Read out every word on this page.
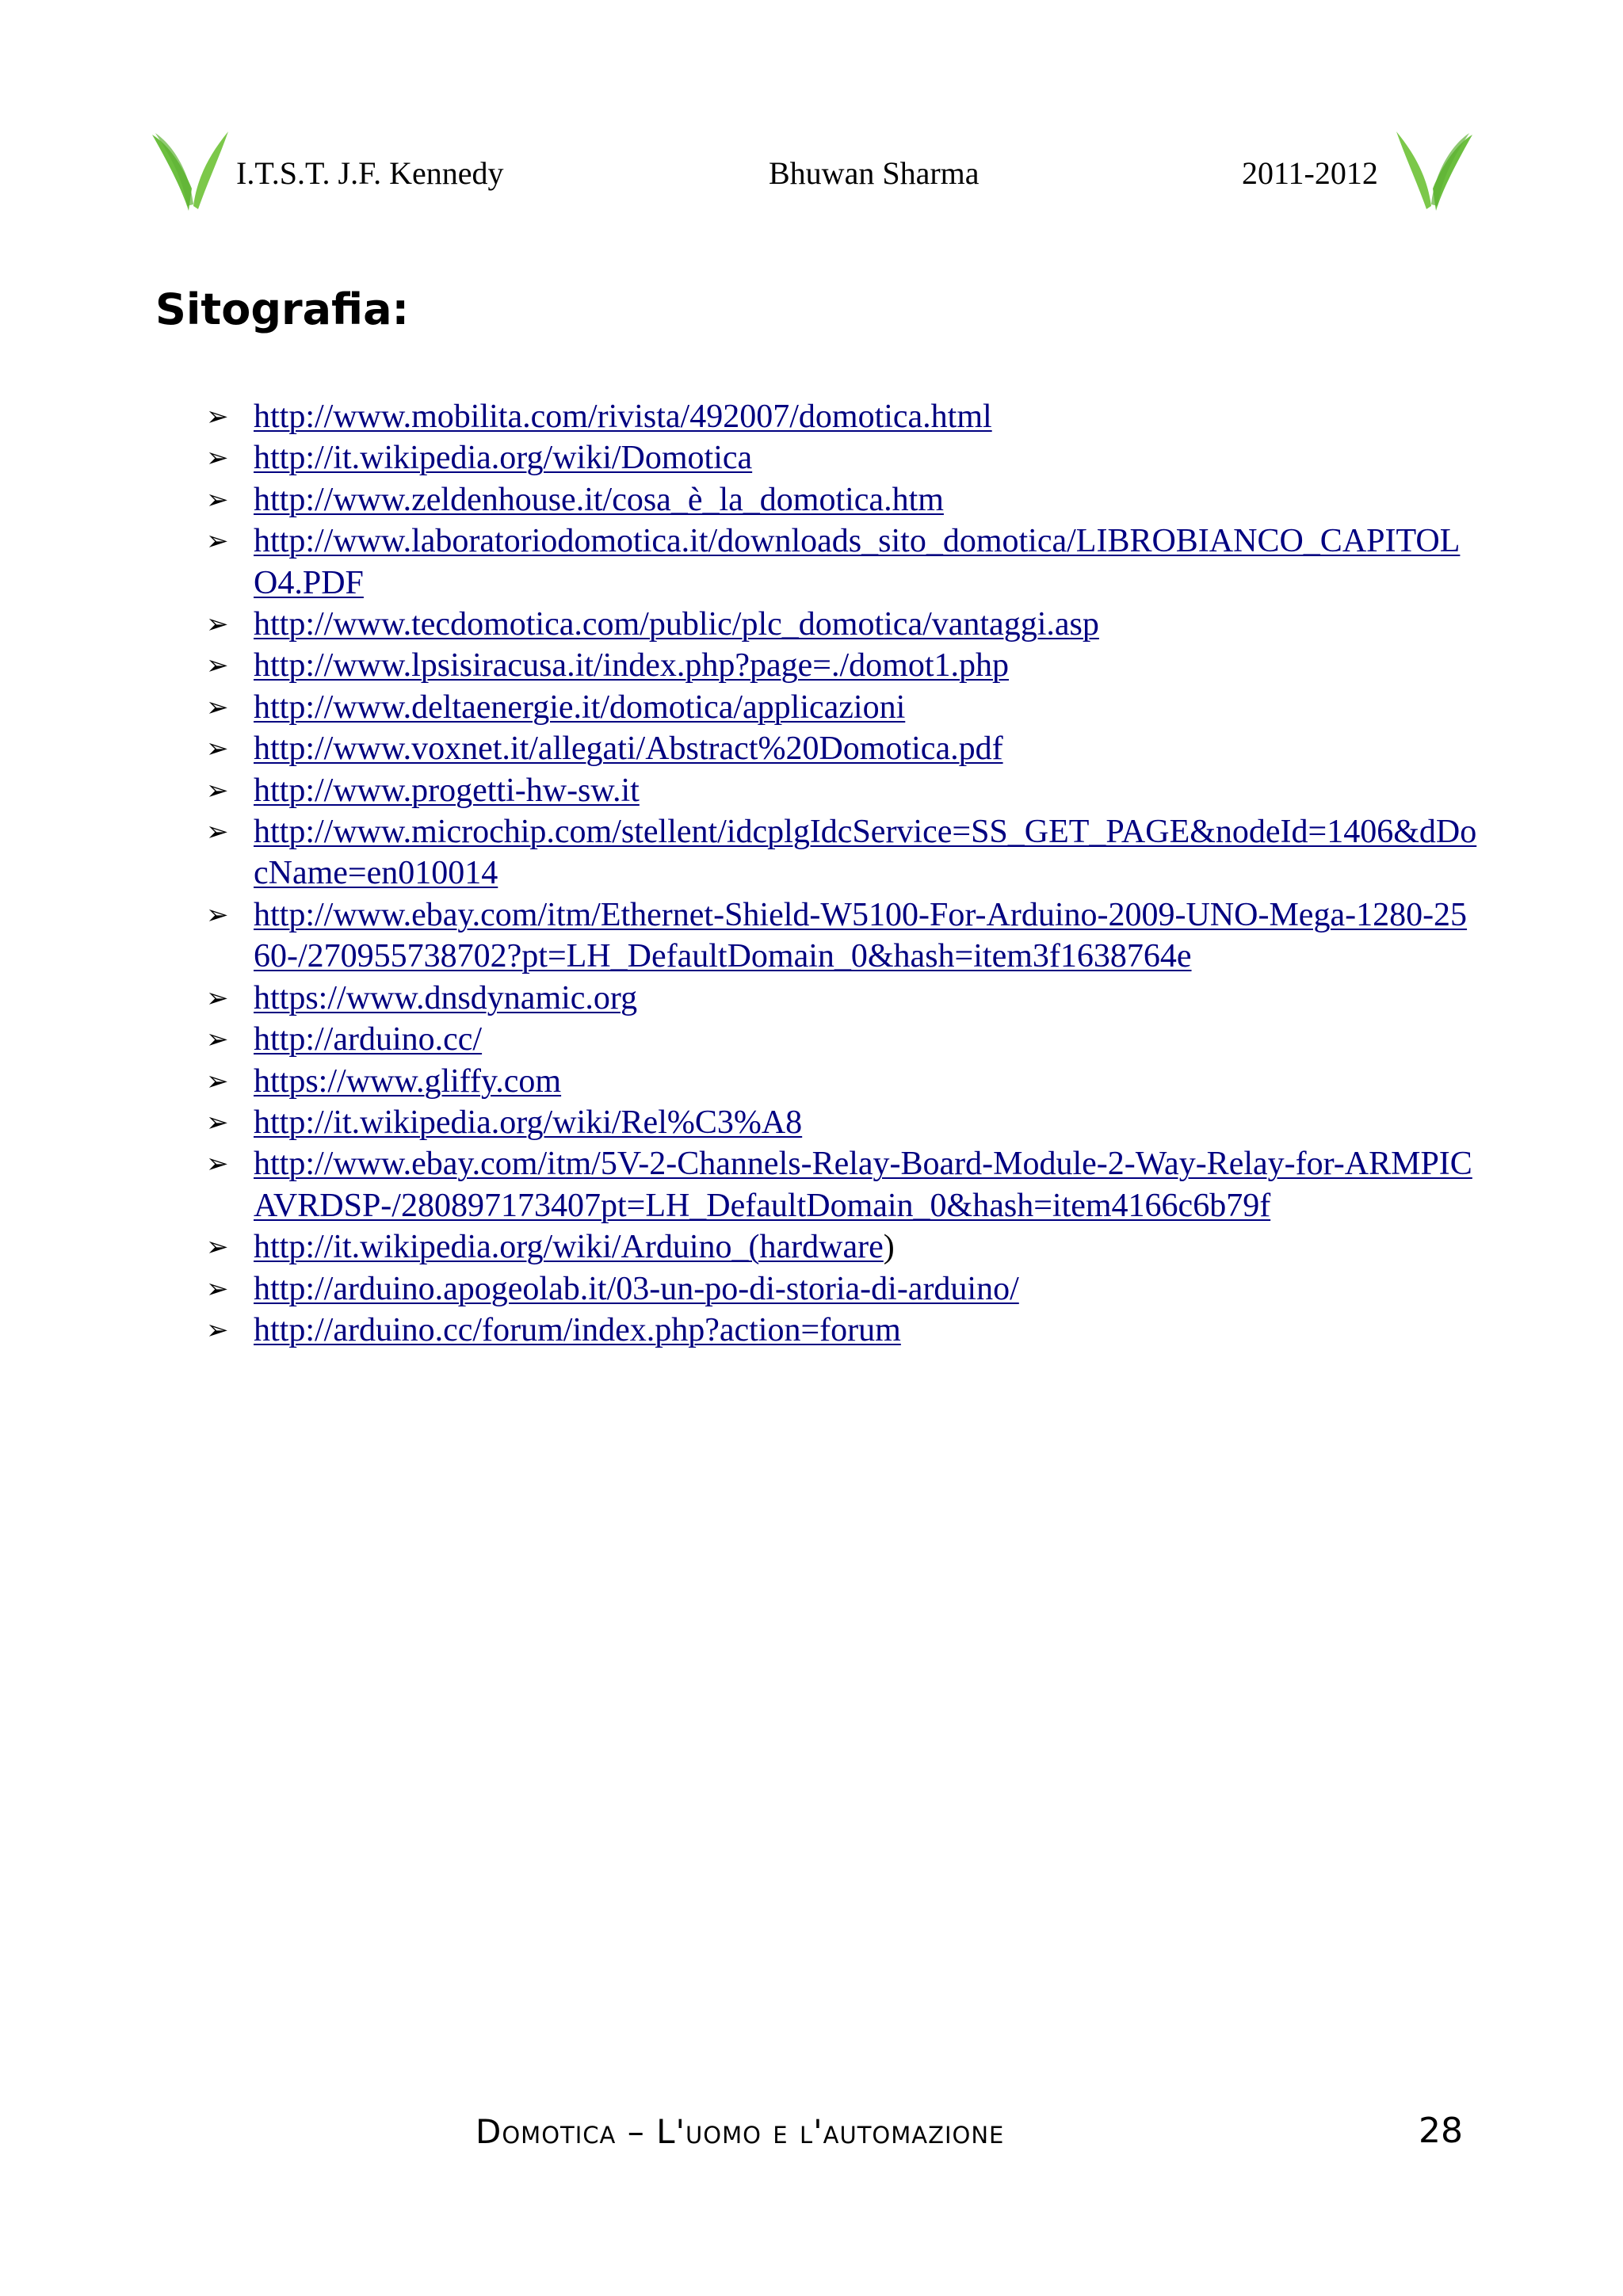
I.T.S.T. J.F. Kennedy	Bhuwan Sharma	2011-2012
Sitografia:
➢ http://www.mobilita.com/rivista/492007/domotica.html
➢ http://it.wikipedia.org/wiki/Domotica
➢ http://www.zeldenhouse.it/cosa_è_la_domotica.htm
➢ http://www.laboratoriodomotica.it/downloads_sito_domotica/LIBROBIANCO_CAPITOLO4.PDF
➢ http://www.tecdomotica.com/public/plc_domotica/vantaggi.asp
➢ http://www.lpsisiracusa.it/index.php?page=./domot1.php
➢ http://www.deltaenergie.it/domotica/applicazioni
➢ http://www.voxnet.it/allegati/Abstract%20Domotica.pdf
➢ http://www.progetti-hw-sw.it
➢ http://www.microchip.com/stellent/idcplgIdcService=SS_GET_PAGE&nodeId=1406&dDocName=en010014
➢ http://www.ebay.com/itm/Ethernet-Shield-W5100-For-Arduino-2009-UNO-Mega-1280-2560-/270955738702?pt=LH_DefaultDomain_0&hash=item3f1638764e
➢ https://www.dnsdynamic.org
➢ http://arduino.cc/
➢ https://www.gliffy.com
➢ http://it.wikipedia.org/wiki/Rel%C3%A8
➢ http://www.ebay.com/itm/5V-2-Channels-Relay-Board-Module-2-Way-Relay-for-ARMPICAVRDSP-/280897173407pt=LH_DefaultDomain_0&hash=item4166c6b79f
➢ http://it.wikipedia.org/wiki/Arduino_(hardware)
➢ http://arduino.apogeolab.it/03-un-po-di-storia-di-arduino/
➢ http://arduino.cc/forum/index.php?action=forum
Domotica – L'uomo e l'automazione	28
